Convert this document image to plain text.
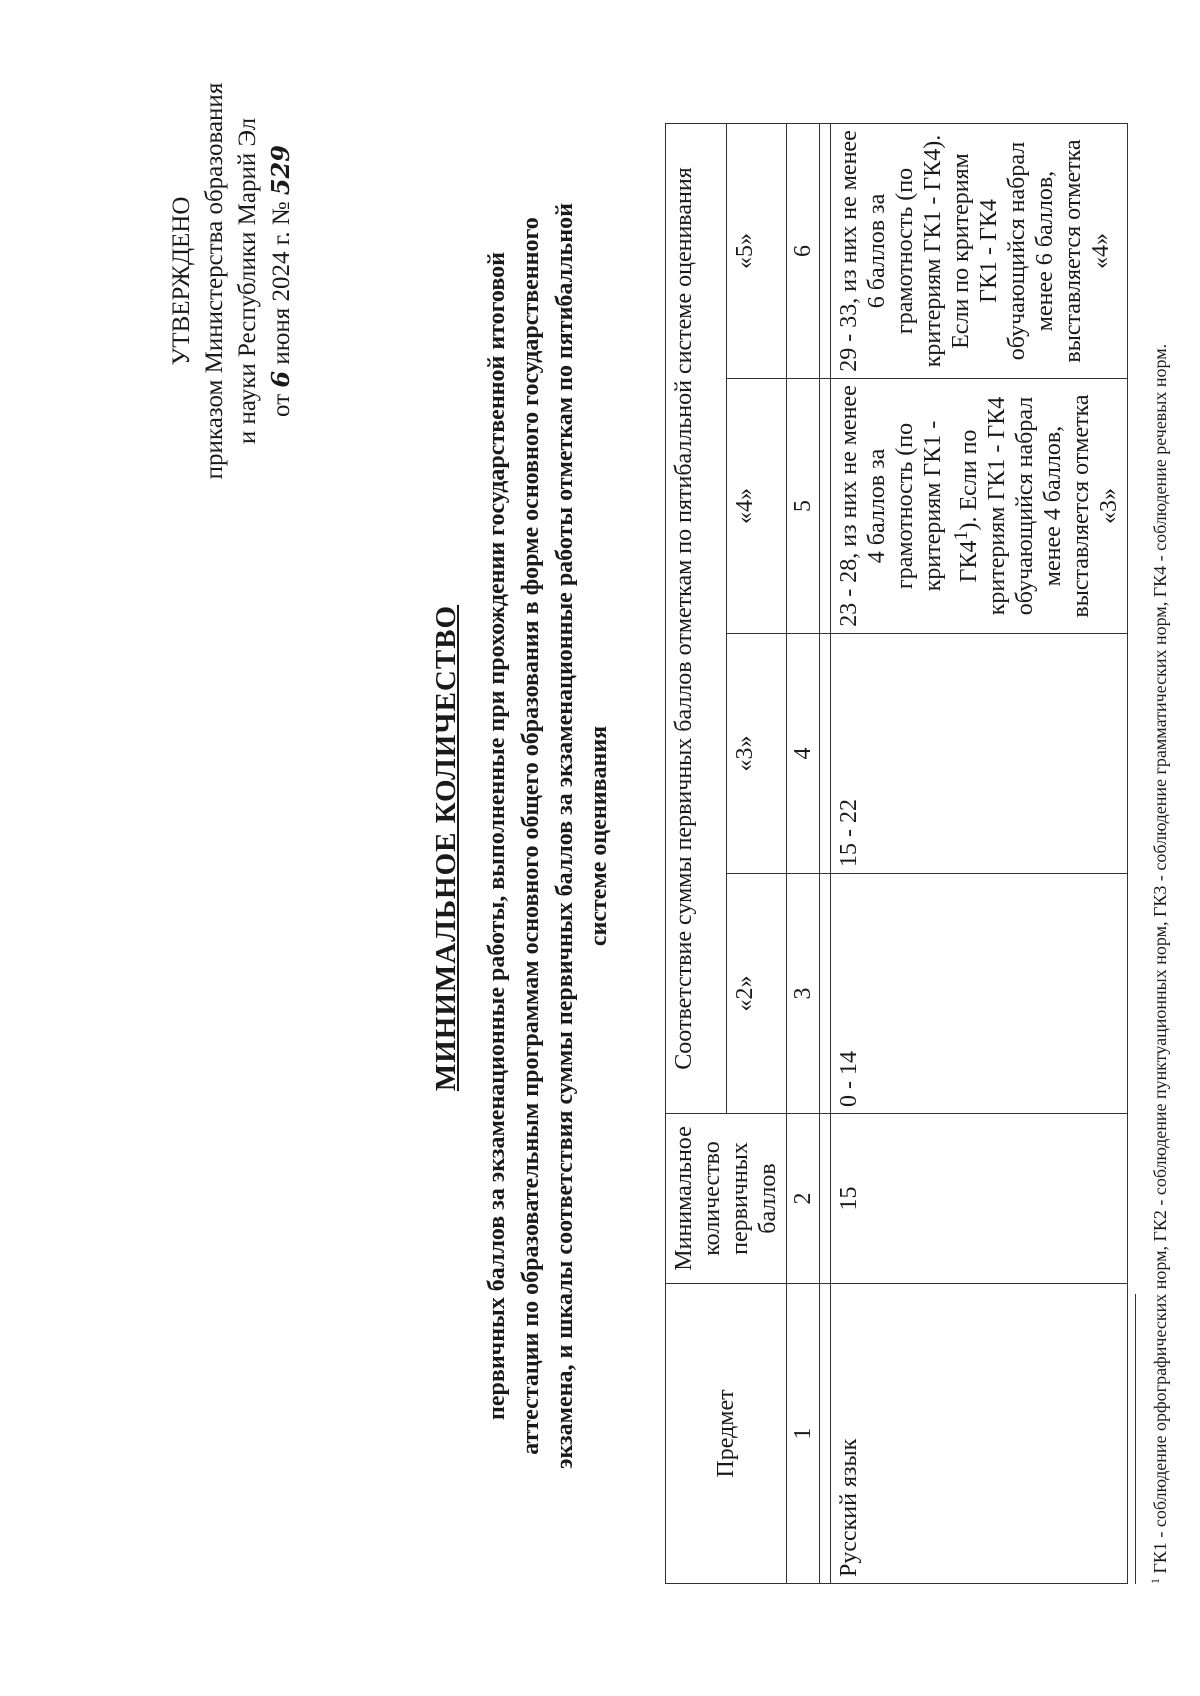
УТВЕРЖДЕНО приказом Министерства образования и науки Республики Марий Эл от 6 июня 2024 г. № 529
МИНИМАЛЬНОЕ КОЛИЧЕСТВО первичных баллов за экзаменационные работы, выполненные при прохождении государственной итоговой аттестации по образовательным программам основного общего образования в форме основного государственного экзамена, и шкалы соответствия суммы первичных баллов за экзаменационные работы отметкам по пятибалльной системе оценивания
Предмет	Минимальное количество первичных баллов	Соответствие суммы первичных баллов отметкам по пятибалльной системе оценивания			
		«2»	«3»	«4»	«5»
1	2	3	4	5	6

Русский язык	15	0 - 14	15 - 22	23 - 28, из них не менее 4 баллов за грамотность (по критериям $ГК1 - ГК4^1$). Если по критериям ГК1 - ГК4 обучающийся набрал менее 4 баллов, выставляется отметка «3»	29 - 33, из них не менее 6 баллов за грамотность (по критериям ГК1 - ГК4). Если по критериям ГК1 - ГК4 обучающийся набрал менее 6 баллов, выставляется отметка «4»
$^1$ ГК1 - соблюдение орфографических норм, ГК2 - соблюдение пунктуационных норм, ГК3 - соблюдение грамматических норм, ГК4 - соблюдение речевых норм.
